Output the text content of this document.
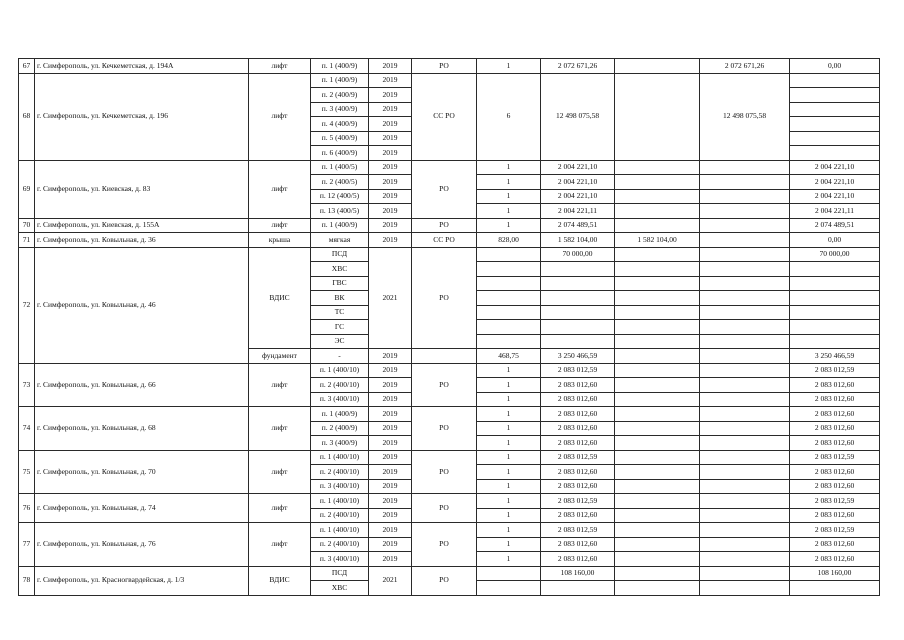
67	г. Симферополь, ул. Кечкеметская, д. 194А	лифт	п. 1 (400/9)	2019	РО	1	2 072 671,26		2 072 671,26	0,00
68	г. Симферополь, ул. Кечкеметская, д. 196	лифт	п. 1 (400/9)	2019	СС РО	6	12 498 075,58		12 498 075,58	
			п. 2 (400/9)	2019						
			п. 3 (400/9)	2019						
			п. 4 (400/9)	2019						
			п. 5 (400/9)	2019						
			п. 6 (400/9)	2019						
69	г. Симферополь, ул. Киевская, д. 83	лифт	п. 1 (400/5)	2019	РО	1	2 004 221,10			2 004 221,10
			п. 2 (400/5)	2019		1	2 004 221,10			2 004 221,10
			п. 12 (400/5)	2019		1	2 004 221,10			2 004 221,10
			п. 13 (400/5)	2019		1	2 004 221,11			2 004 221,11
70	г. Симферополь, ул. Киевская, д. 155А	лифт	п. 1 (400/9)	2019	РО	1	2 074 489,51			2 074 489,51
71	г. Симферополь, ул. Ковыльная, д. 36	крыша	мягкая	2019	СС РО	828,00	1 582 104,00	1 582 104,00		0,00
72	г. Симферополь, ул. Ковыльная, д. 46	ВДИС	ПСД	2021	РО		70 000,00			70 000,00
			ХВС							
			ГВС							
			ВК							
			ТС							
			ГС							
			ЭС							
		фундамент	-	2019		468,75	3 250 466,59			3 250 466,59
73	г. Симферополь, ул. Ковыльная, д. 66	лифт	п. 1 (400/10)	2019	РО	1	2 083 012,59			2 083 012,59
			п. 2 (400/10)	2019		1	2 083 012,60			2 083 012,60
			п. 3 (400/10)	2019		1	2 083 012,60			2 083 012,60
74	г. Симферополь, ул. Ковыльная, д. 68	лифт	п. 1 (400/9)	2019	РО	1	2 083 012,60			2 083 012,60
			п. 2 (400/9)	2019		1	2 083 012,60			2 083 012,60
			п. 3 (400/9)	2019		1	2 083 012,60			2 083 012,60
75	г. Симферополь, ул. Ковыльная, д. 70	лифт	п. 1 (400/10)	2019	РО	1	2 083 012,59			2 083 012,59
			п. 2 (400/10)	2019		1	2 083 012,60			2 083 012,60
			п. 3 (400/10)	2019		1	2 083 012,60			2 083 012,60
76	г. Симферополь, ул. Ковыльная, д. 74	лифт	п. 1 (400/10)	2019	РО	1	2 083 012,59			2 083 012,59
			п. 2 (400/10)	2019		1	2 083 012,60			2 083 012,60
77	г. Симферополь, ул. Ковыльная, д. 76	лифт	п. 1 (400/10)	2019	РО	1	2 083 012,59			2 083 012,59
			п. 2 (400/10)	2019		1	2 083 012,60			2 083 012,60
			п. 3 (400/10)	2019		1	2 083 012,60			2 083 012,60
78	г. Симферополь, ул. Красногвардейская, д. 1/3	ВДИС	ПСД	2021	РО		108 160,00			108 160,00
			ХВС							
